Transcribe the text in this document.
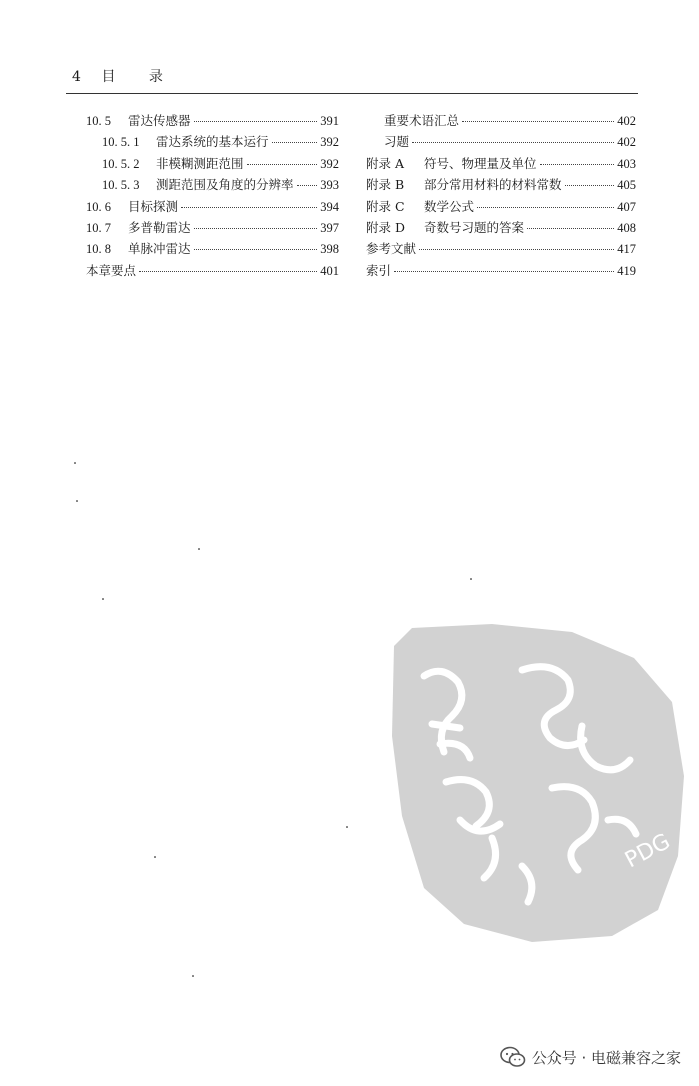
4 目 录
10. 5	雷达传感器	391
10. 5. 1	雷达系统的基本运行	392
10. 5. 2	非模糊测距范围	392
10. 5. 3	测距范围及角度的分辨率 393
10. 6	目标探测	394
10. 7	多普勒雷达	397
10. 8	单脉冲雷达	398
本章要点	401
重要术语汇总	402
习题	402
附录 A	符号、物理量及单位	403
附录 B	部分常用材料的材料常数	405
附录 C	数学公式	407
附录 D	奇数号习题的答案	408
参考文献	417
索引	419
PDG
公众号 · 电磁兼容之家
